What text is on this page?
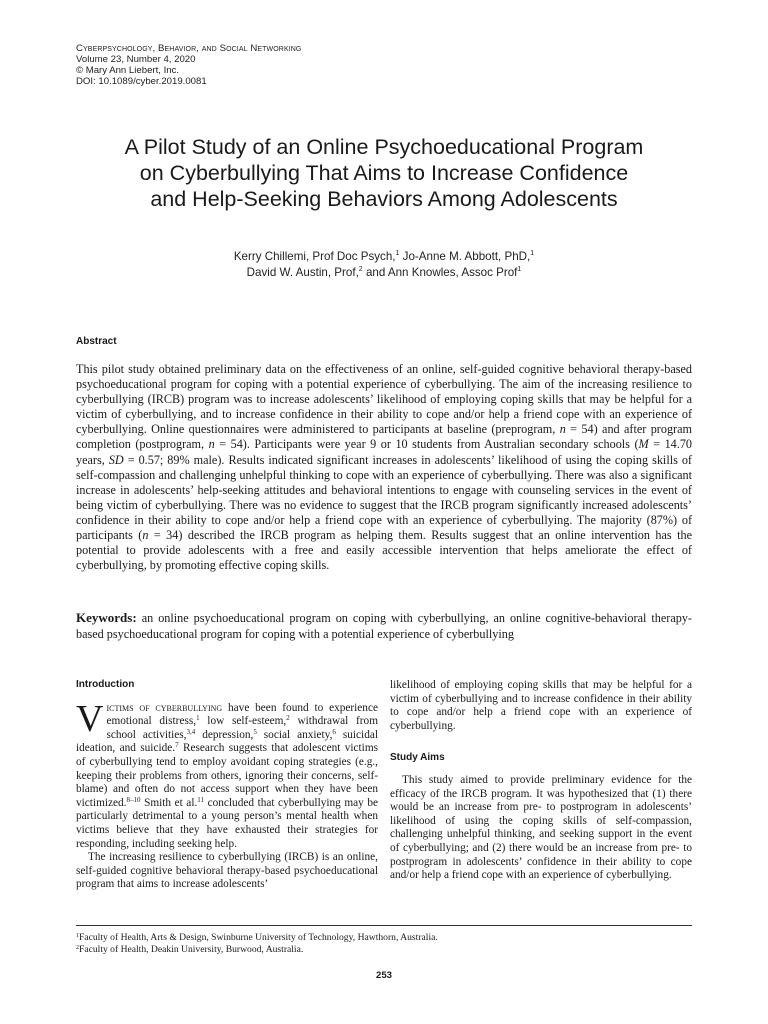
Cyberpsychology, Behavior, and Social Networking
Volume 23, Number 4, 2020
© Mary Ann Liebert, Inc.
DOI: 10.1089/cyber.2019.0081
A Pilot Study of an Online Psychoeducational Program
on Cyberbullying That Aims to Increase Confidence
and Help-Seeking Behaviors Among Adolescents
Kerry Chillemi, Prof Doc Psych,$^1$ Jo-Anne M. Abbott, PhD,$^1$
David W. Austin, Prof,$^2$ and Ann Knowles, Assoc Prof$^1$
Abstract
This pilot study obtained preliminary data on the effectiveness of an online, self-guided cognitive behavioral therapy-based psychoeducational program for coping with a potential experience of cyberbullying. The aim of the increasing resilience to cyberbullying (IRCB) program was to increase adolescents’ likelihood of employing coping skills that may be helpful for a victim of cyberbullying, and to increase confidence in their ability to cope and/or help a friend cope with an experience of cyberbullying. Online questionnaires were administered to participants at baseline (preprogram, n = 54) and after program completion (postprogram, n = 54). Participants were year 9 or 10 students from Australian secondary schools (M = 14.70 years, SD = 0.57; 89% male). Results indicated significant increases in adolescents’ likelihood of using the coping skills of self-compassion and challenging unhelpful thinking to cope with an experience of cyberbullying. There was also a significant increase in adolescents’ help-seeking attitudes and behavioral intentions to engage with counseling services in the event of being victim of cyberbullying. There was no evidence to suggest that the IRCB program significantly increased adolescents’ confidence in their ability to cope and/or help a friend cope with an experience of cyberbullying. The majority (87%) of participants (n = 34) described the IRCB program as helping them. Results suggest that an online intervention has the potential to provide adolescents with a free and easily accessible intervention that helps ameliorate the effect of cyberbullying, by promoting effective coping skills.
Keywords: an online psychoeducational program on coping with cyberbullying, an online cognitive-behavioral therapy-based psychoeducational program for coping with a potential experience of cyberbullying
Introduction

Victims of cyberbullying have been found to experience emotional distress,$^1$ low self-esteem,$^2$ withdrawal from school activities,$^{3,4}$ depression,$^5$ social anxiety,$^6$ suicidal ideation, and suicide.$^7$ Research suggests that adolescent victims of cyberbullying tend to employ avoidant coping strategies (e.g., keeping their problems from others, ignoring their concerns, self-blame) and often do not access support when they have been victimized.$^{8-10}$ Smith et al.$^{11}$ concluded that cyberbullying may be particularly detrimental to a young person’s mental health when victims believe that they have exhausted their strategies for responding, including seeking help.

The increasing resilience to cyberbullying (IRCB) is an online, self-guided cognitive behavioral therapy-based psychoeducational program that aims to increase adolescents’

likelihood of employing coping skills that may be helpful for a victim of cyberbullying and to increase confidence in their ability to cope and/or help a friend cope with an experience of cyberbullying.

Study Aims

This study aimed to provide preliminary evidence for the efficacy of the IRCB program. It was hypothesized that (1) there would be an increase from pre- to postprogram in adolescents’ likelihood of using the coping skills of self-compassion, challenging unhelpful thinking, and seeking support in the event of cyberbullying; and (2) there would be an increase from pre- to postprogram in adolescents’ confidence in their ability to cope and/or help a friend cope with an experience of cyberbullying.

$^1$Faculty of Health, Arts & Design, Swinburne University of Technology, Hawthorn, Australia.
$^2$Faculty of Health, Deakin University, Burwood, Australia.
253
